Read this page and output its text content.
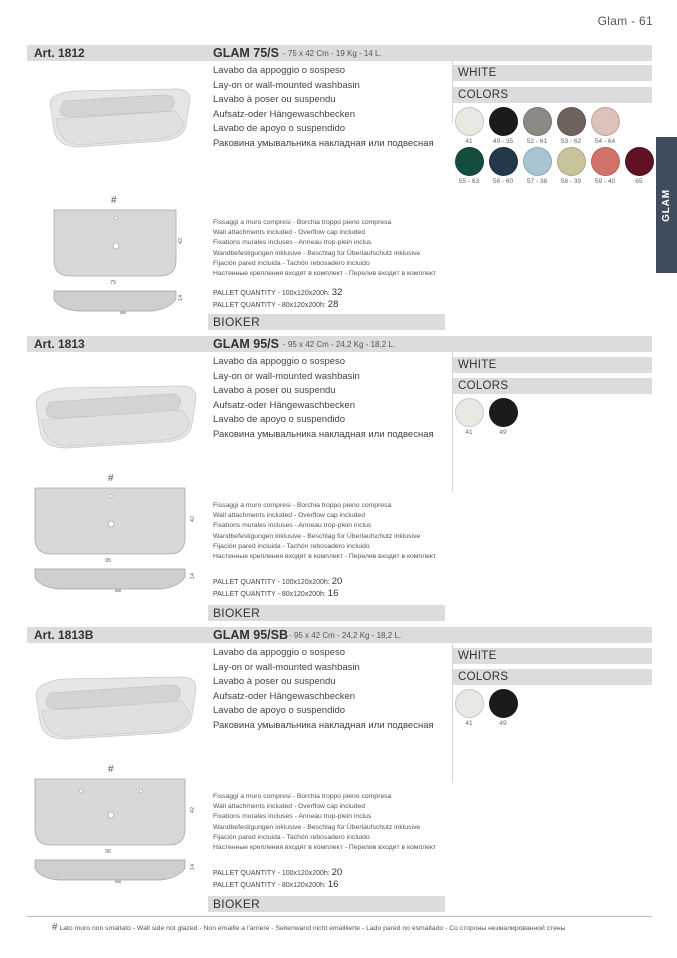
Glam - 61
GLAM
Art. 1812	GLAM 75/S - 75 x 42 Cm - 19 Kg - 14 L.
Lavabo da appoggio o sospeso
Lay-on or wall-mounted washbasin
Lavabo à poser ou suspendu
Aufsatz-oder Hängewaschbecken
Lavabo de apoyo o suspendido
Раковина умывальника накладная или подвесная
#
42
75
14
Fissaggi a muro compresi - Borchia troppo pieno compresa
Wall attachments included - Overflow cap included
Fixations murales incluses - Anneau trop-plein inclus
Wandbefestigungen inklusive - Beschlag für Überlaufschutz inklusive
Fijación pared incluida - Tachón rebosadero incluido
Настенные крепления входят в комплект - Перелив входит в комплект
PALLET QUANTITY - 100x120x200h: 32
PALLET QUANTITY - 80x120x200h: 28
BIOKER
WHITE
COLORS
41	49 - 35	52 - 61	53 - 62	54 - 64
55 - 63	56 - 60	57 - 38	58 - 39	59 - 40	65
Art. 1813	GLAM 95/S - 95 x 42 Cm - 24,2 Kg - 18,2 L.
Lavabo da appoggio o sospeso
Lay-on or wall-mounted washbasin
Lavabo à poser ou suspendu
Aufsatz-oder Hängewaschbecken
Lavabo de apoyo o suspendido
Раковина умывальника накладная или подвесная
#
42
95
14
Fissaggi a muro compresi - Borchia troppo pieno compresa
Wall attachments included - Overflow cap included
Fixations murales incluses - Anneau trop-plein inclus
Wandbefestigungen inklusive - Beschlag für Überlaufschutz inklusive
Fijación pared incluida - Tachón rebosadero incluido
Настенные крепления входят в комплект - Перелив входит в комплект
PALLET QUANTITY - 100x120x200h: 20
PALLET QUANTITY - 80x120x200h: 16
BIOKER
WHITE
COLORS
41	49
Art. 1813B	GLAM 95/SB - 95 x 42 Cm - 24,2 Kg - 18,2 L.
Lavabo da appoggio o sospeso
Lay-on or wall-mounted washbasin
Lavabo à poser ou suspendu
Aufsatz-oder Hängewaschbecken
Lavabo de apoyo o suspendido
Раковина умывальника накладная или подвесная
#
42
95
14
Fissaggi a muro compresi - Borchia troppo pieno compresa
Wall attachments included - Overflow cap included
Fixations murales incluses - Anneau trop-plein inclus
Wandbefestigungen inklusive - Beschlag für Überlaufschutz inklusive
Fijación pared incluida - Tachón rebosadero incluido
Настенные крепления входят в комплект - Перелив входит в комплект
PALLET QUANTITY - 100x120x200h: 20
PALLET QUANTITY - 80x120x200h: 16
BIOKER
WHITE
COLORS
41	49
# Lato muro non smaltato - Wall side not glazed - Non emaille a l'arriere - Seitenwand nicht emaillierte - Lado pared no esmaltado - Со стороны незмалированной стены
